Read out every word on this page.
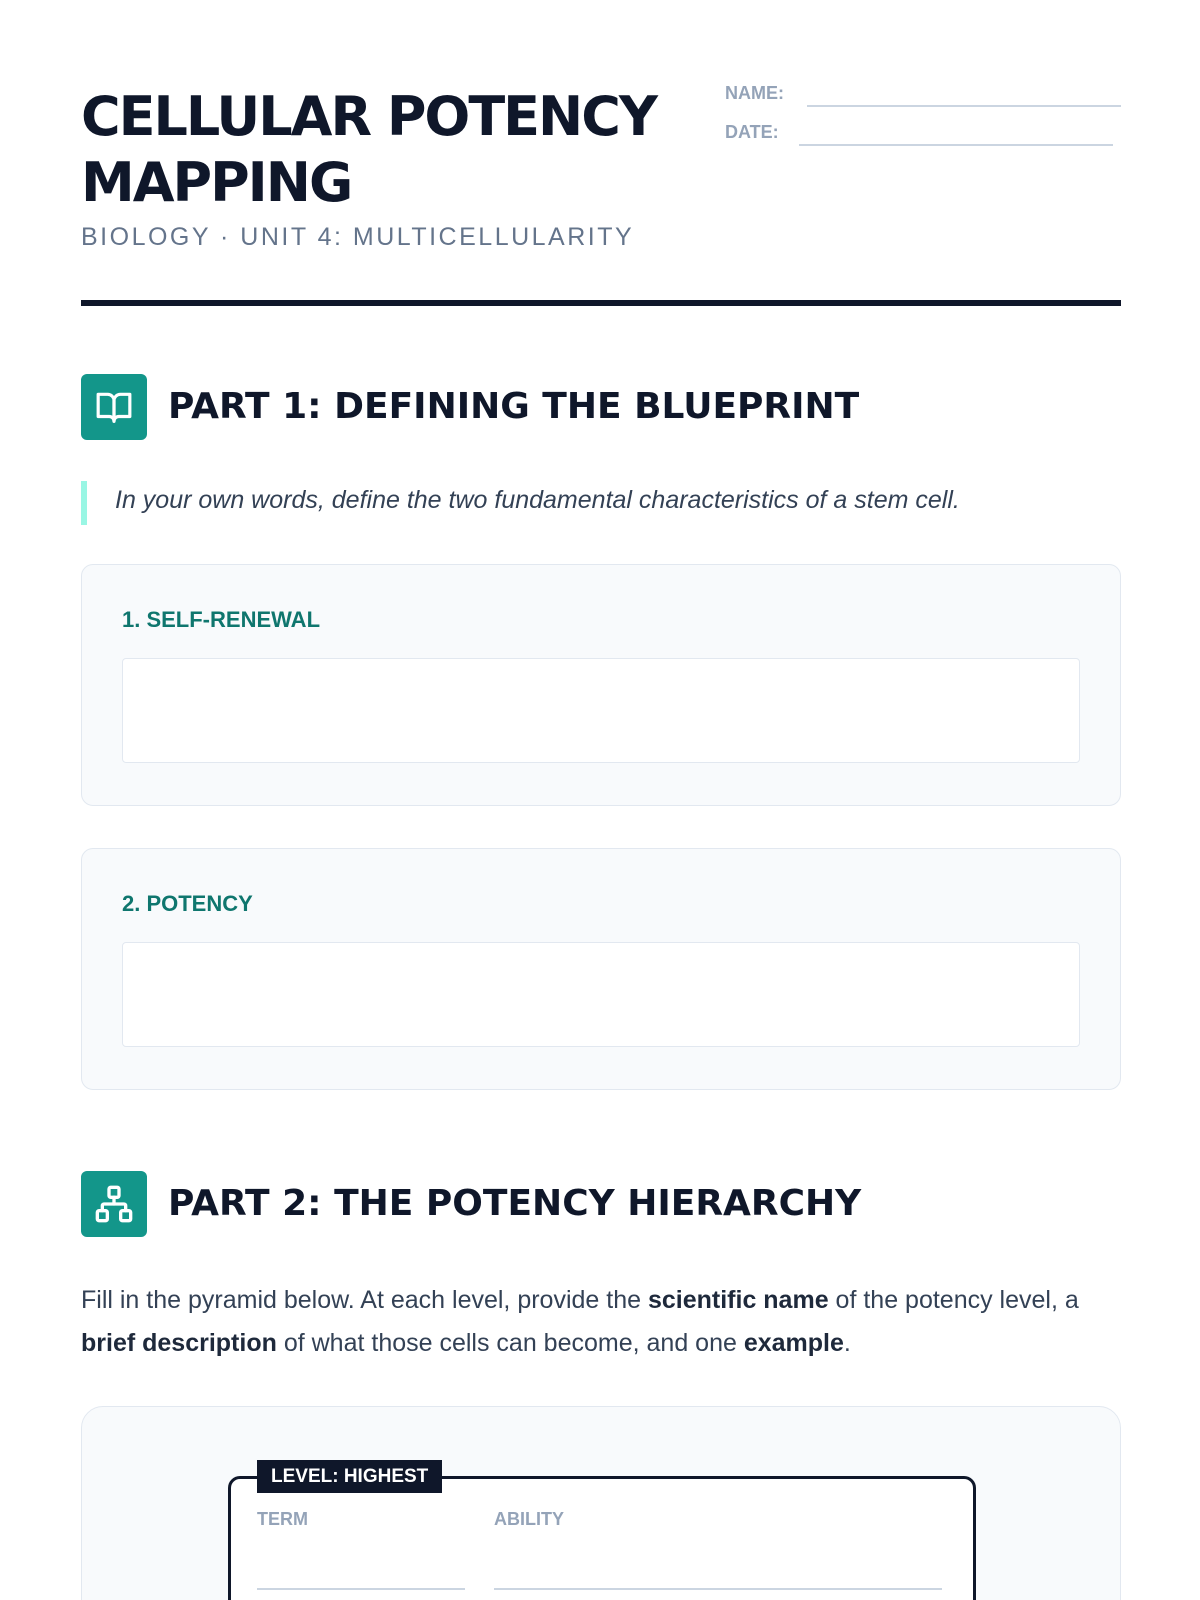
CELLULAR POTENCY MAPPING
BIOLOGY · UNIT 4: MULTICELLULARITY
NAME:
DATE:
PART 1: DEFINING THE BLUEPRINT

In your own words, define the two fundamental characteristics of a stem cell.

1. SELF-RENEWAL
2. POTENCY
PART 2: THE POTENCY HIERARCHY

Fill in the pyramid below. At each level, provide the scientific name of the potency level, a brief description of what those cells can become, and one example.

LEVEL: HIGHEST
TERM	ABILITY
